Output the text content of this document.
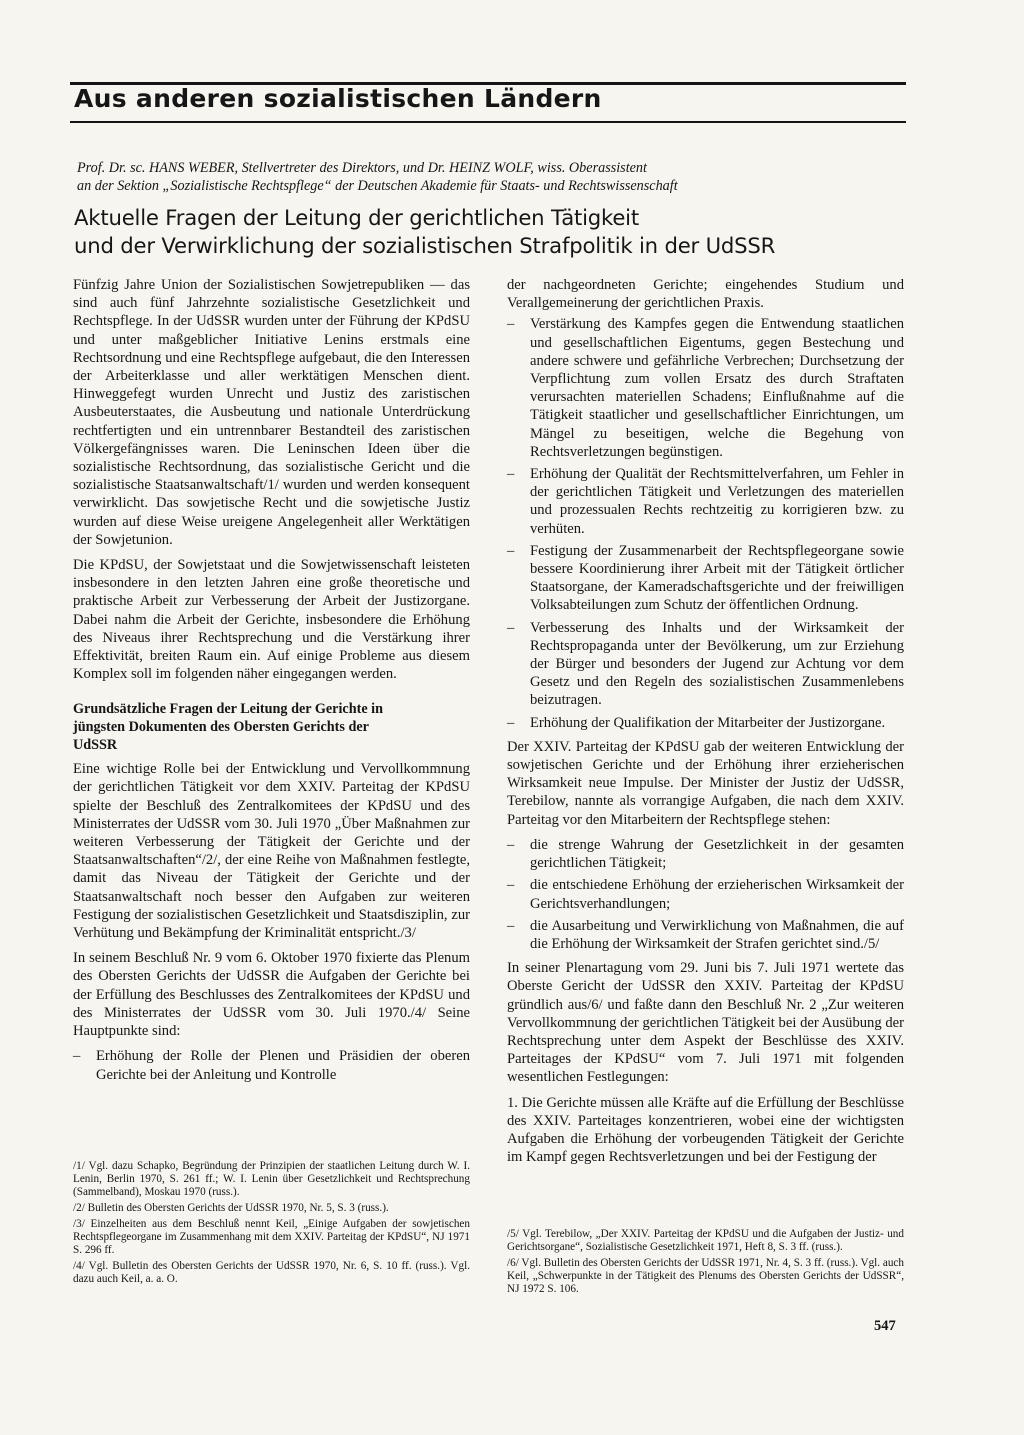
Aus anderen sozialistischen Ländern

Prof. Dr. sc. HANS WEBER, Stellvertreter des Direktors, und Dr. HEINZ WOLF, wiss. Oberassistent
an der Sektion „Sozialistische Rechtspflege“ der Deutschen Akademie für Staats- und Rechtswissenschaft

Aktuelle Fragen der Leitung der gerichtlichen Tätigkeit
und der Verwirklichung der sozialistischen Strafpolitik in der UdSSR

Fünfzig Jahre Union der Sozialistischen Sowjetrepubliken — das sind auch fünf Jahrzehnte sozialistische Gesetzlichkeit und Rechtspflege. In der UdSSR wurden unter der Führung der KPdSU und unter maßgeblicher Initiative Lenins erstmals eine Rechtsordnung und eine Rechtspflege aufgebaut, die den Interessen der Arbeiterklasse und aller werktätigen Menschen dient. Hinweggefegt wurden Unrecht und Justiz des zaristischen Ausbeuterstaates, die Ausbeutung und nationale Unterdrückung rechtfertigten und ein untrennbarer Bestandteil des zaristischen Völkergefängnisses waren. Die Leninschen Ideen über die sozialistische Rechtsordnung, das sozialistische Gericht und die sozialistische Staatsanwaltschaft/1/ wurden und werden konsequent verwirklicht. Das sowjetische Recht und die sowjetische Justiz wurden auf diese Weise ureigene Angelegenheit aller Werktätigen der Sowjetunion.

Die KPdSU, der Sowjetstaat und die Sowjetwissenschaft leisteten insbesondere in den letzten Jahren eine große theoretische und praktische Arbeit zur Verbesserung der Arbeit der Justizorgane. Dabei nahm die Arbeit der Gerichte, insbesondere die Erhöhung des Niveaus ihrer Rechtsprechung und die Verstärkung ihrer Effektivität, breiten Raum ein. Auf einige Probleme aus diesem Komplex soll im folgenden näher eingegangen werden.

Grundsätzliche Fragen der Leitung der Gerichte in jüngsten Dokumenten des Obersten Gerichts der UdSSR

Eine wichtige Rolle bei der Entwicklung und Vervollkommnung der gerichtlichen Tätigkeit vor dem XXIV. Parteitag der KPdSU spielte der Beschluß des Zentralkomitees der KPdSU und des Ministerrates der UdSSR vom 30. Juli 1970 „Über Maßnahmen zur weiteren Verbesserung der Tätigkeit der Gerichte und der Staatsanwaltschaften“/2/, der eine Reihe von Maßnahmen festlegte, damit das Niveau der Tätigkeit der Gerichte und der Staatsanwaltschaft noch besser den Aufgaben zur weiteren Festigung der sozialistischen Gesetzlichkeit und Staatsdisziplin, zur Verhütung und Bekämpfung der Kriminalität entspricht./3/

In seinem Beschluß Nr. 9 vom 6. Oktober 1970 fixierte das Plenum des Obersten Gerichts der UdSSR die Aufgaben der Gerichte bei der Erfüllung des Beschlusses des Zentralkomitees der KPdSU und des Ministerrates der UdSSR vom 30. Juli 1970./4/ Seine Hauptpunkte sind:

– Erhöhung der Rolle der Plenen und Präsidien der oberen Gerichte bei der Anleitung und Kontrolle

der nachgeordneten Gerichte; eingehendes Studium und Verallgemeinerung der gerichtlichen Praxis.

– Verstärkung des Kampfes gegen die Entwendung staatlichen und gesellschaftlichen Eigentums, gegen Bestechung und andere schwere und gefährliche Verbrechen; Durchsetzung der Verpflichtung zum vollen Ersatz des durch Straftaten verursachten materiellen Schadens; Einflußnahme auf die Tätigkeit staatlicher und gesellschaftlicher Einrichtungen, um Mängel zu beseitigen, welche die Begehung von Rechtsverletzungen begünstigen.
– Erhöhung der Qualität der Rechtsmittelverfahren, um Fehler in der gerichtlichen Tätigkeit und Verletzungen des materiellen und prozessualen Rechts rechtzeitig zu korrigieren bzw. zu verhüten.
– Festigung der Zusammenarbeit der Rechtspflegeorgane sowie bessere Koordinierung ihrer Arbeit mit der Tätigkeit örtlicher Staatsorgane, der Kameradschaftsgerichte und der freiwilligen Volksabteilungen zum Schutz der öffentlichen Ordnung.
– Verbesserung des Inhalts und der Wirksamkeit der Rechtspropaganda unter der Bevölkerung, um zur Erziehung der Bürger und besonders der Jugend zur Achtung vor dem Gesetz und den Regeln des sozialistischen Zusammenlebens beizutragen.
– Erhöhung der Qualifikation der Mitarbeiter der Justizorgane.

Der XXIV. Parteitag der KPdSU gab der weiteren Entwicklung der sowjetischen Gerichte und der Erhöhung ihrer erzieherischen Wirksamkeit neue Impulse. Der Minister der Justiz der UdSSR, Terebilow, nannte als vorrangige Aufgaben, die nach dem XXIV. Parteitag vor den Mitarbeitern der Rechtspflege stehen:

– die strenge Wahrung der Gesetzlichkeit in der gesamten gerichtlichen Tätigkeit;
– die entschiedene Erhöhung der erzieherischen Wirksamkeit der Gerichtsverhandlungen;
– die Ausarbeitung und Verwirklichung von Maßnahmen, die auf die Erhöhung der Wirksamkeit der Strafen gerichtet sind./5/

In seiner Plenartagung vom 29. Juni bis 7. Juli 1971 wertete das Oberste Gericht der UdSSR den XXIV. Parteitag der KPdSU gründlich aus/6/ und faßte dann den Beschluß Nr. 2 „Zur weiteren Vervollkommnung der gerichtlichen Tätigkeit bei der Ausübung der Rechtsprechung unter dem Aspekt der Beschlüsse des XXIV. Parteitages der KPdSU“ vom 7. Juli 1971 mit folgenden wesentlichen Festlegungen:

1. Die Gerichte müssen alle Kräfte auf die Erfüllung der Beschlüsse des XXIV. Parteitages konzentrieren, wobei eine der wichtigsten Aufgaben die Erhöhung der vorbeugenden Tätigkeit der Gerichte im Kampf gegen Rechtsverletzungen und bei der Festigung der

/1/ Vgl. dazu Schapko, Begründung der Prinzipien der staatlichen Leitung durch W. I. Lenin, Berlin 1970, S. 261 ff.; W. I. Lenin über Gesetzlichkeit und Rechtsprechung (Sammelband), Moskau 1970 (russ.).

/2/ Bulletin des Obersten Gerichts der UdSSR 1970, Nr. 5, S. 3 (russ.).

/3/ Einzelheiten aus dem Beschluß nennt Keil, „Einige Aufgaben der sowjetischen Rechtspflegeorgane im Zusammenhang mit dem XXIV. Parteitag der KPdSU“, NJ 1971 S. 296 ff.

/4/ Vgl. Bulletin des Obersten Gerichts der UdSSR 1970, Nr. 6, S. 10 ff. (russ.). Vgl. dazu auch Keil, a. a. O.

/5/ Vgl. Terebilow, „Der XXIV. Parteitag der KPdSU und die Aufgaben der Justiz- und Gerichtsorgane“, Sozialistische Gesetzlichkeit 1971, Heft 8, S. 3 ff. (russ.).

/6/ Vgl. Bulletin des Obersten Gerichts der UdSSR 1971, Nr. 4, S. 3 ff. (russ.). Vgl. auch Keil, „Schwerpunkte in der Tätigkeit des Plenums des Obersten Gerichts der UdSSR“, NJ 1972 S. 106.

547
